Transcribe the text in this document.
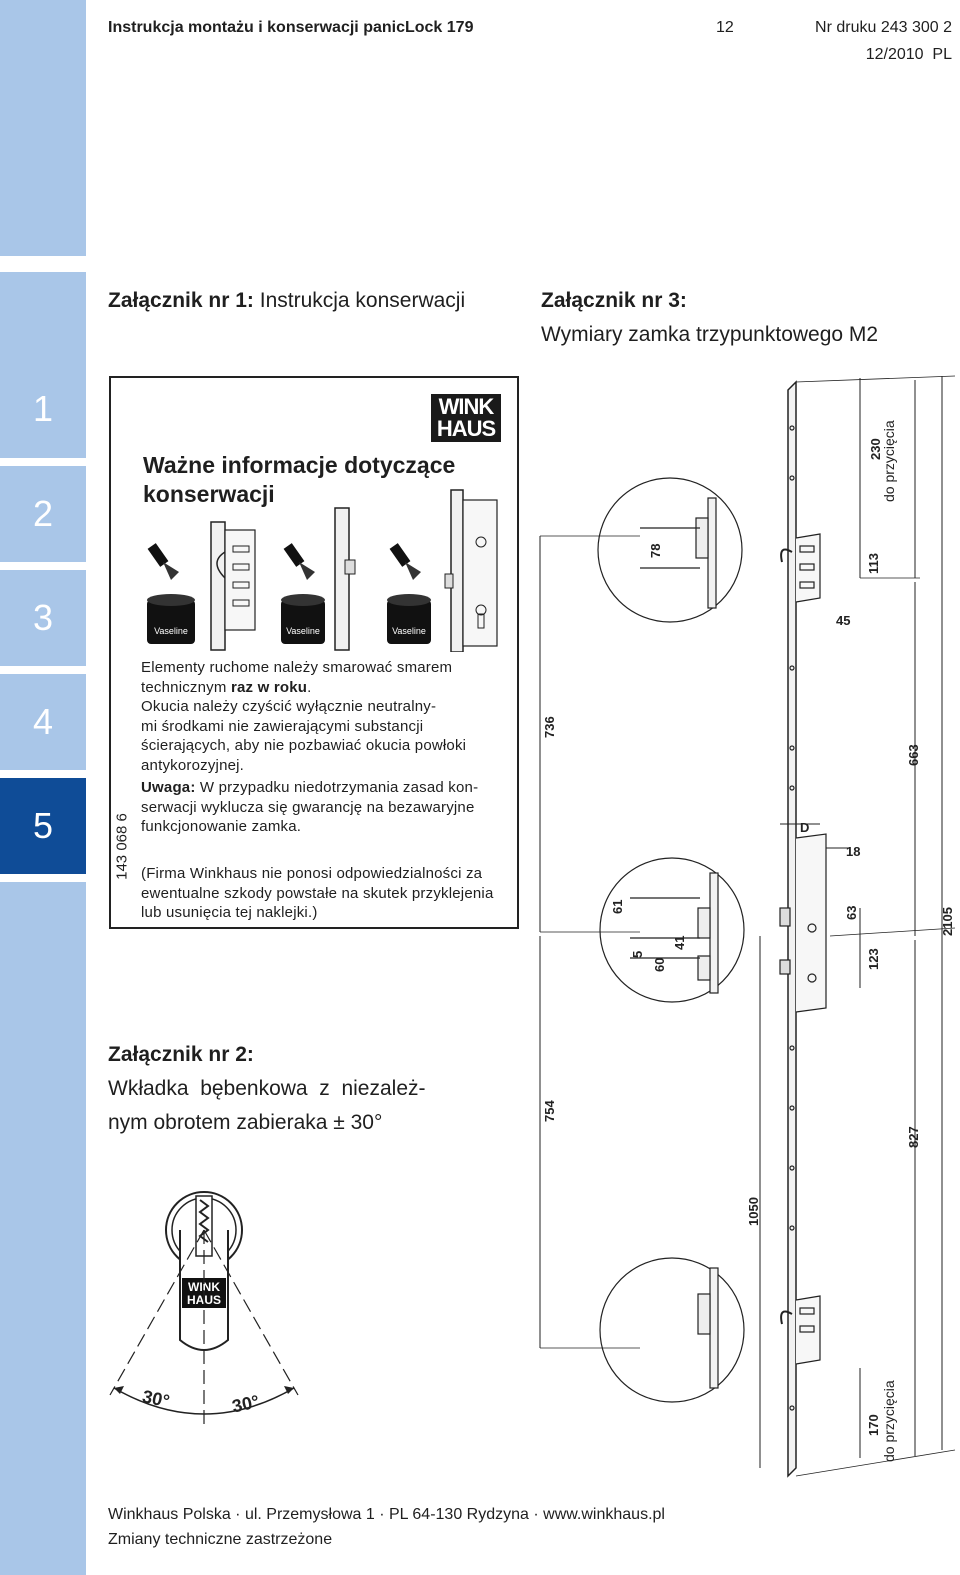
1
2
3
4
5
Instrukcja montażu i konserwacji panicLock 179	12	Nr druku 243 300 2
12/2010  PL
Załącznik nr 1: Instrukcja konserwacji	Załącznik nr 3:
Wymiary zamka trzypunktowego M2
WINK
HAUS
Ważne informacje dotyczące
konserwacji
Vaseline	Vaseline	Vaseline
Elementy ruchome należy smarować smarem
technicznym raz w roku.
Okucia należy czyścić wyłącznie neutralny-
mi środkami nie zawierającymi substancji
ścierających, aby nie pozbawiać okucia powłoki
antykorozyjnej.
Uwaga: W przypadku niedotrzymania zasad kon-
serwacji wyklucza się gwarancję na bezawaryjne
funkcjonowanie zamka.
(Firma Winkhaus nie ponosi odpowiedzialności za
ewentualne szkody powstałe na skutek przyklejenia
lub usunięcia tej naklejki.)
143 068 6
Załącznik nr 2:
Wkładka  bębenkowa  z  niezależ-
nym obrotem zabieraka ± 30°
WINK
HAUS
30°	30°
230
do przycięcia
113
45
78
736
663
D
18
63
123
2105
61
5
60
41
754
827
1050
170 do przycięcia
Winkhaus Polska · ul. Przemysłowa 1 · PL 64-130 Rydzyna · www.winkhaus.pl
Zmiany techniczne zastrzeżone
